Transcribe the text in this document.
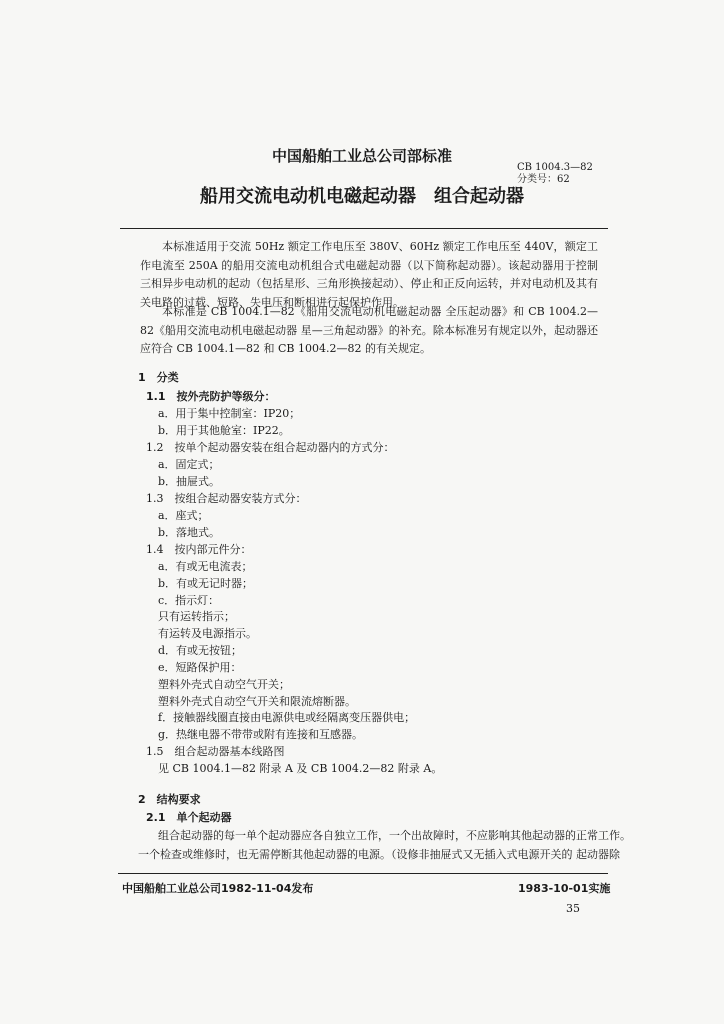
中国船舶工业总公司部标准
CB 1004.3—82
分类号：62
船用交流电动机电磁起动器 组合起动器
本标准适用于交流 50Hz 额定工作电压至 380V、60Hz 额定工作电压至 440V，额定工作电流至 250A 的船用交流电动机组合式电磁起动器（以下简称起动器）。该起动器用于控制三相异步电动机的起动（包括星形、三角形换接起动）、停止和正反向运转，并对电动机及其有关电路的过载、短路、失电压和断相进行起保护作用。
本标准是 CB 1004.1—82《船用交流电动机电磁起动器 全压起动器》和 CB 1004.2—82《船用交流电动机电磁起动器 星—三角起动器》的补充。除本标准另有规定以外，起动器还应符合 CB 1004.1—82 和 CB 1004.2—82 的有关规定。
1　分类
1.1　按外壳防护等级分：
a．用于集中控制室：IP20；
b．用于其他舱室：IP22。
1.2　按单个起动器安装在组合起动器内的方式分：
a．固定式；
b．抽屉式。
1.3　按组合起动器安装方式分：
a．座式；
b．落地式。
1.4　按内部元件分：
a．有或无电流表；
b．有或无记时器；
c．指示灯：
只有运转指示；
有运转及电源指示。
d．有或无按钮；
e．短路保护用：
塑料外壳式自动空气开关；
塑料外壳式自动空气开关和限流熔断器。
f．接触器线圈直接由电源供电或经隔离变压器供电；
g．热继电器不带带或附有连接和互感器。
1.5　组合起动器基本线路图
见 CB 1004.1—82 附录 A 及 CB 1004.2—82 附录 A。
2　结构要求
2.1　单个起动器
组合起动器的每一单个起动器应各自独立工作，一个出故障时，不应影响其他起动器的正常工作。
一个检查或维修时，也无需停断其他起动器的电源。（设修非抽屉式又无插入式电源开关的 起动器除
中国船舶工业总公司1982-11-04发布	1983-10-01实施
35
